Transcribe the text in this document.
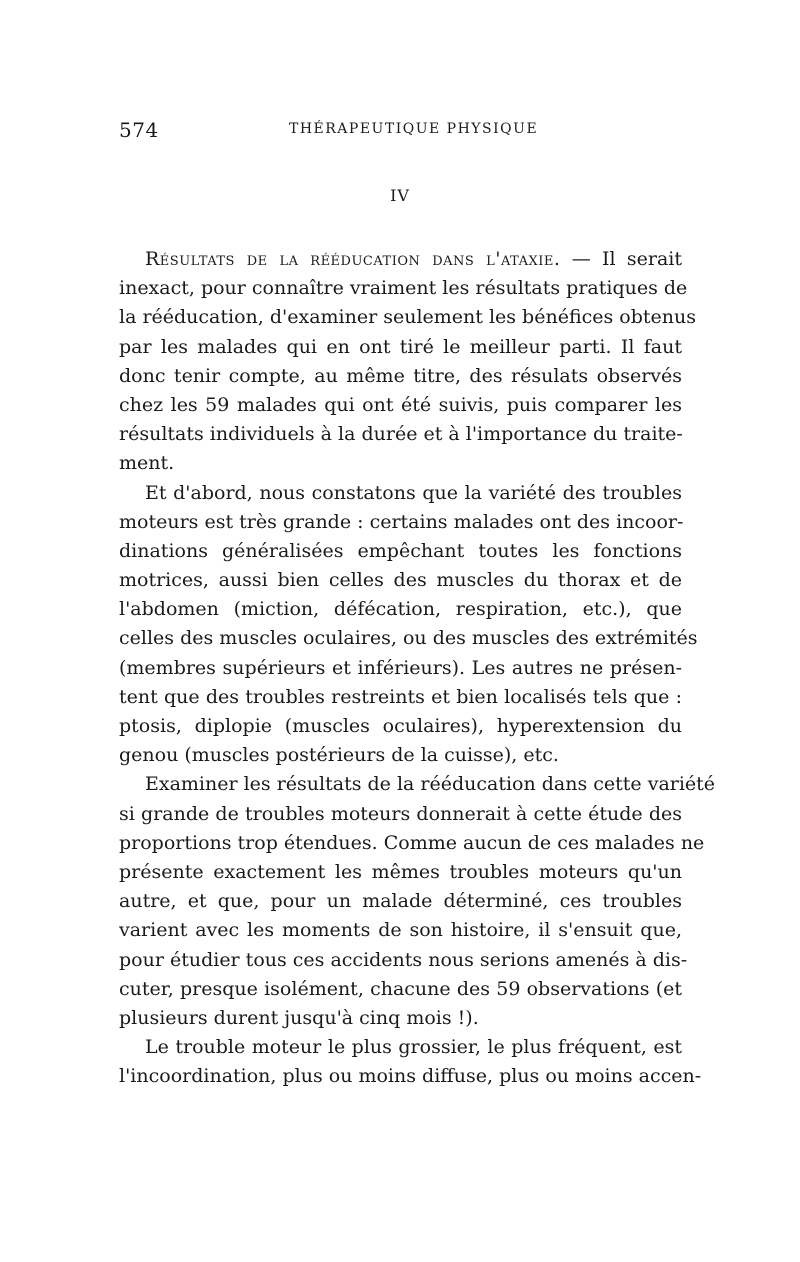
574	THÉRAPEUTIQUE PHYSIQUE
IV
Résultats de la rééducation dans l'ataxie. — Il serait
inexact, pour connaître vraiment les résultats pratiques de
la rééducation, d'examiner seulement les bénéfices obtenus
par les malades qui en ont tiré le meilleur parti. Il faut
donc tenir compte, au même titre, des résulats observés
chez les 59 malades qui ont été suivis, puis comparer les
résultats individuels à la durée et à l'importance du traite-
ment.
Et d'abord, nous constatons que la variété des troubles
moteurs est très grande : certains malades ont des incoor-
dinations généralisées empêchant toutes les fonctions
motrices, aussi bien celles des muscles du thorax et de
l'abdomen (miction, défécation, respiration, etc.), que
celles des muscles oculaires, ou des muscles des extrémités
(membres supérieurs et inférieurs). Les autres ne présen-
tent que des troubles restreints et bien localisés tels que :
ptosis, diplopie (muscles oculaires), hyperextension du
genou (muscles postérieurs de la cuisse), etc.
Examiner les résultats de la rééducation dans cette variété
si grande de troubles moteurs donnerait à cette étude des
proportions trop étendues. Comme aucun de ces malades ne
présente exactement les mêmes troubles moteurs qu'un
autre, et que, pour un malade déterminé, ces troubles
varient avec les moments de son histoire, il s'ensuit que,
pour étudier tous ces accidents nous serions amenés à dis-
cuter, presque isolément, chacune des 59 observations (et
plusieurs durent jusqu'à cinq mois !).
Le trouble moteur le plus grossier, le plus fréquent, est
l'incoordination, plus ou moins diffuse, plus ou moins accen-
